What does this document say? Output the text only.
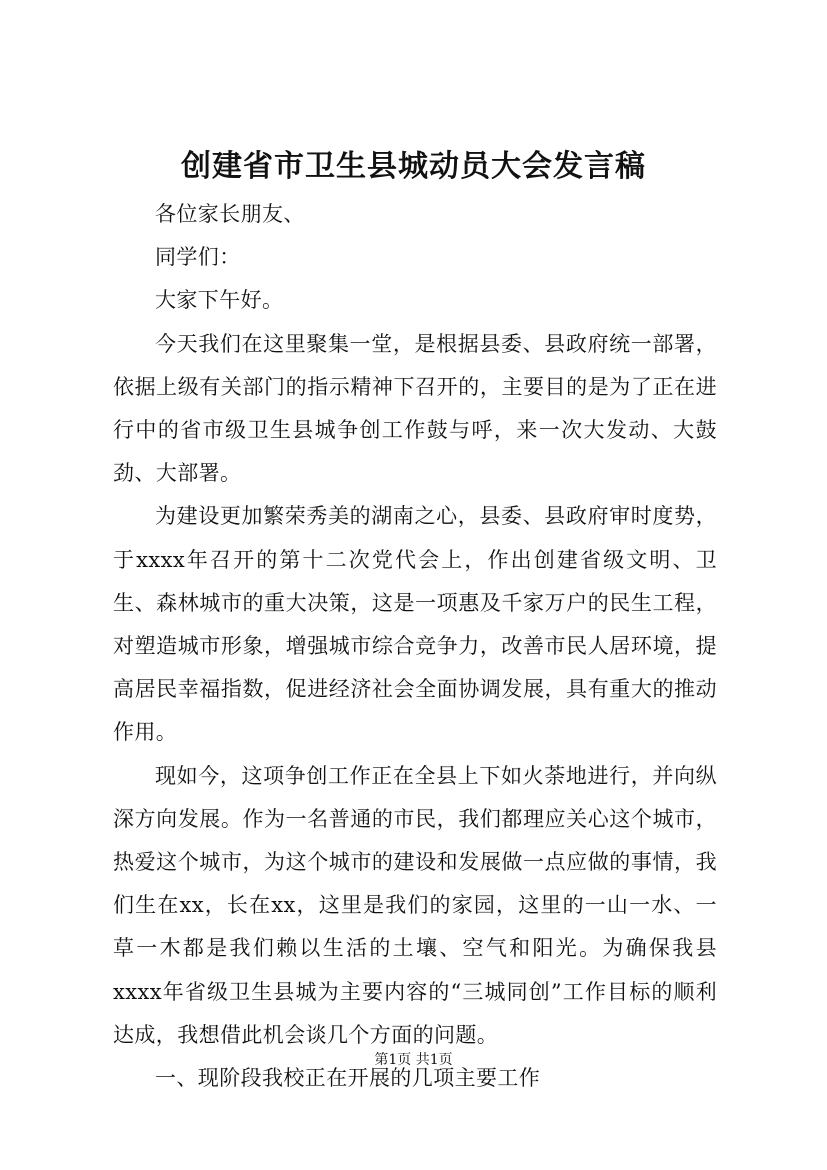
创建省市卫生县城动员大会发言稿

各位家长朋友、

同学们：

大家下午好。

今天我们在这里聚集一堂，是根据县委、县政府统一部署，依据上级有关部门的指示精神下召开的，主要目的是为了正在进行中的省市级卫生县城争创工作鼓与呼，来一次大发动、大鼓劲、大部署。

为建设更加繁荣秀美的湖南之心，县委、县政府审时度势，于xxxx年召开的第十二次党代会上，作出创建省级文明、卫生、森林城市的重大决策，这是一项惠及千家万户的民生工程，对塑造城市形象，增强城市综合竞争力，改善市民人居环境，提高居民幸福指数，促进经济社会全面协调发展，具有重大的推动作用。

现如今，这项争创工作正在全县上下如火荼地进行，并向纵深方向发展。作为一名普通的市民，我们都理应关心这个城市，热爱这个城市，为这个城市的建设和发展做一点应做的事情，我们生在xx，长在xx，这里是我们的家园，这里的一山一水、一草一木都是我们赖以生活的土壤、空气和阳光。为确保我县xxxx年省级卫生县城为主要内容的“三城同创”工作目标的顺利达成，我想借此机会谈几个方面的问题。

一、现阶段我校正在开展的几项主要工作

第1页 共1页
